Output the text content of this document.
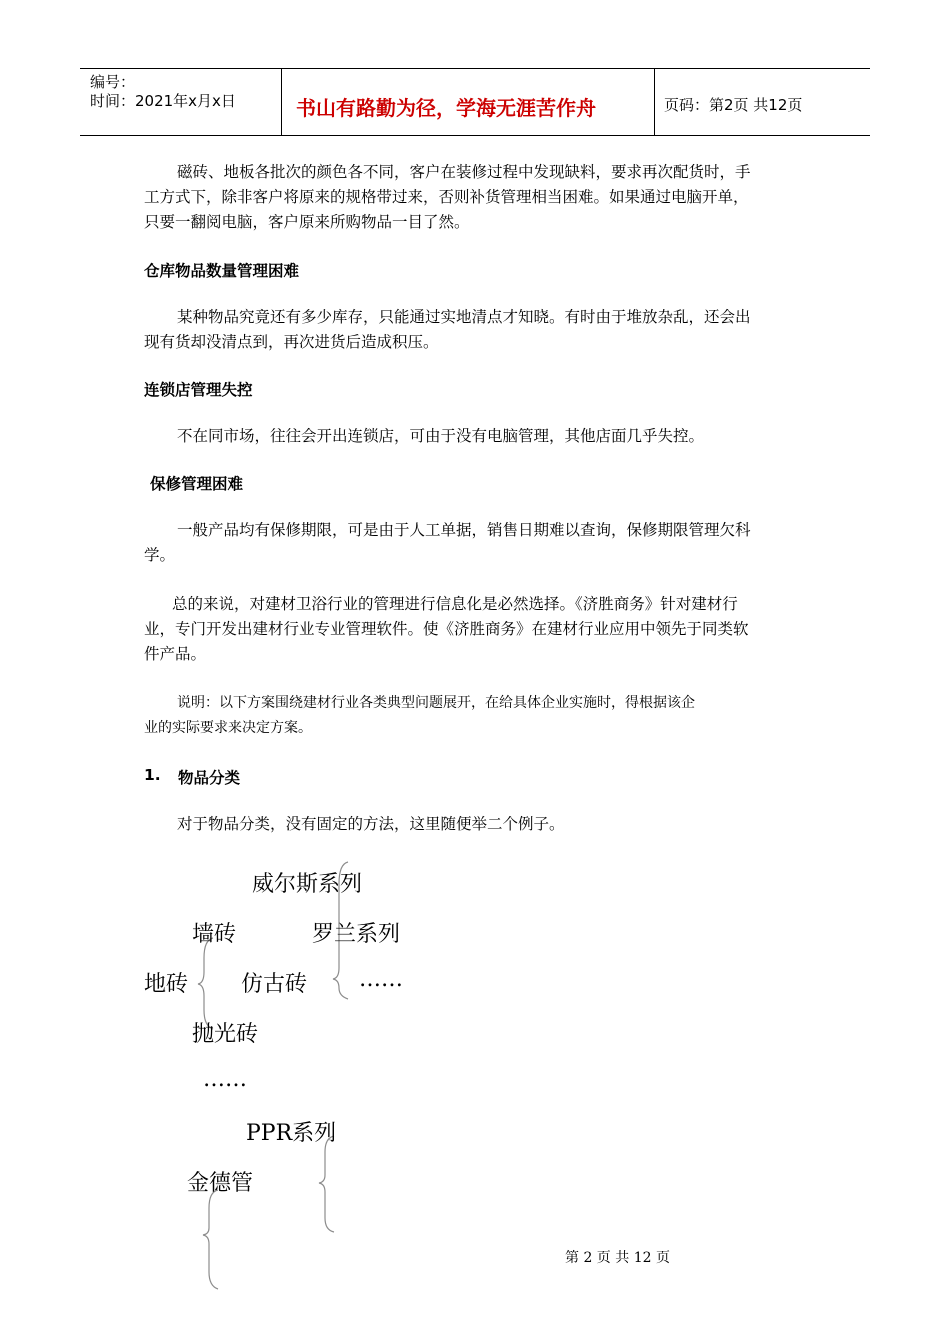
编号：
时间：2021年x月x日	书山有路勤为径，学海无涯苦作舟	页码：第2页 共12页
磁砖、地板各批次的颜色各不同，客户在装修过程中发现缺料，要求再次配货时，手
工方式下，除非客户将原来的规格带过来，否则补货管理相当困难。如果通过电脑开单，
只要一翻阅电脑，客户原来所购物品一目了然。
仓库物品数量管理困难
某种物品究竟还有多少库存，只能通过实地清点才知晓。有时由于堆放杂乱，还会出
现有货却没清点到，再次进货后造成积压。
连锁店管理失控
不在同市场，往往会开出连锁店，可由于没有电脑管理，其他店面几乎失控。
保修管理困难
一般产品均有保修期限，可是由于人工单据，销售日期难以查询，保修期限管理欠科
学。
总的来说，对建材卫浴行业的管理进行信息化是必然选择。《济胜商务》针对建材行
业，专门开发出建材行业专业管理软件。使《济胜商务》在建材行业应用中领先于同类软
件产品。
说明：以下方案围绕建材行业各类典型问题展开，在给具体企业实施时，得根据该企
业的实际要求来决定方案。
1. 物品分类
对于物品分类，没有固定的方法，这里随便举二个例子。
威尔斯系列
墙砖	罗兰系列
地砖 仿古砖 ……
抛光砖
……
PPR系列
金德管
第 2 页 共 12 页
